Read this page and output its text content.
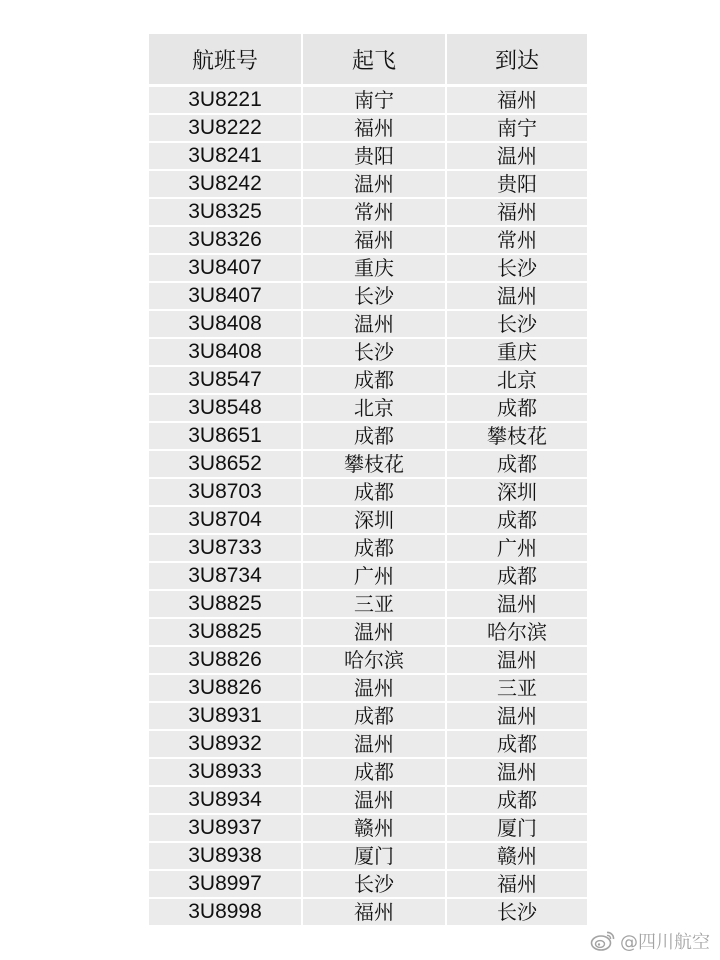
航班号	起飞	到达
3U8221	南宁	福州
3U8222	福州	南宁
3U8241	贵阳	温州
3U8242	温州	贵阳
3U8325	常州	福州
3U8326	福州	常州
3U8407	重庆	长沙
3U8407	长沙	温州
3U8408	温州	长沙
3U8408	长沙	重庆
3U8547	成都	北京
3U8548	北京	成都
3U8651	成都	攀枝花
3U8652	攀枝花	成都
3U8703	成都	深圳
3U8704	深圳	成都
3U8733	成都	广州
3U8734	广州	成都
3U8825	三亚	温州
3U8825	温州	哈尔滨
3U8826	哈尔滨	温州
3U8826	温州	三亚
3U8931	成都	温州
3U8932	温州	成都
3U8933	成都	温州
3U8934	温州	成都
3U8937	赣州	厦门
3U8938	厦门	赣州
3U8997	长沙	福州
3U8998	福州	长沙
@四川航空
